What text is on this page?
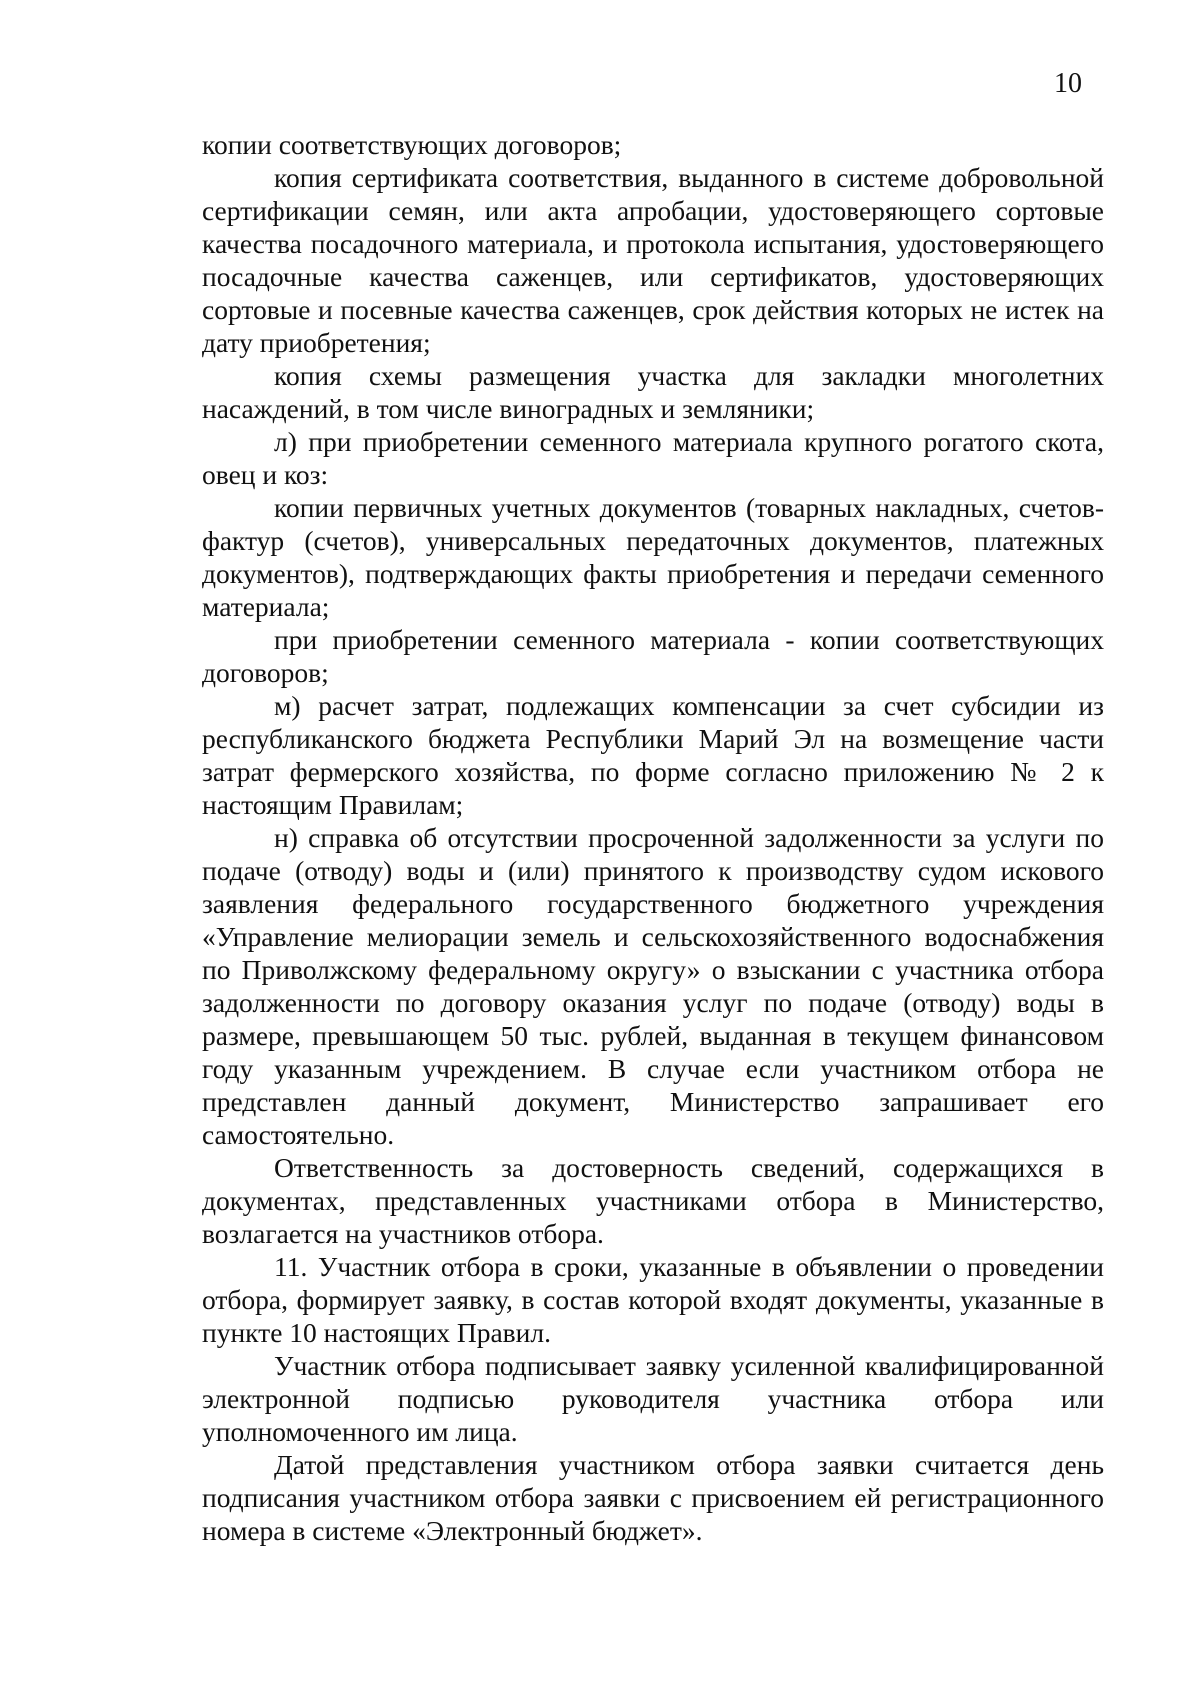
10

копии соответствующих договоров;

копия сертификата соответствия, выданного в системе добровольной сертификации семян, или акта апробации, удостоверяющего сортовые качества посадочного материала, и протокола испытания, удостоверяющего посадочные качества саженцев, или сертификатов, удостоверяющих сортовые и посевные качества саженцев, срок действия которых не истек на дату приобретения;

копия схемы размещения участка для закладки многолетних насаждений, в том числе виноградных и земляники;

л) при приобретении семенного материала крупного рогатого скота, овец и коз:

копии первичных учетных документов (товарных накладных, счетов-фактур (счетов), универсальных передаточных документов, платежных документов), подтверждающих факты приобретения и передачи семенного материала;

при приобретении семенного материала - копии соответствующих договоров;

м) расчет затрат, подлежащих компенсации за счет субсидии из республиканского бюджета Республики Марий Эл на возмещение части затрат фермерского хозяйства, по форме согласно приложению № 2 к настоящим Правилам;

н) справка об отсутствии просроченной задолженности за услуги по подаче (отводу) воды и (или) принятого к производству судом искового заявления федерального государственного бюджетного учреждения «Управление мелиорации земель и сельскохозяйственного водоснабжения по Приволжскому федеральному округу» о взыскании с участника отбора задолженности по договору оказания услуг по подаче (отводу) воды в размере, превышающем 50 тыс. рублей, выданная в текущем финансовом году указанным учреждением. В случае если участником отбора не представлен данный документ, Министерство запрашивает его самостоятельно.

Ответственность за достоверность сведений, содержащихся в документах, представленных участниками отбора в Министерство, возлагается на участников отбора.

11. Участник отбора в сроки, указанные в объявлении о проведении отбора, формирует заявку, в состав которой входят документы, указанные в пункте 10 настоящих Правил.

Участник отбора подписывает заявку усиленной квалифицированной электронной подписью руководителя участника отбора или уполномоченного им лица.

Датой представления участником отбора заявки считается день подписания участником отбора заявки с присвоением ей регистрационного номера в системе «Электронный бюджет».
